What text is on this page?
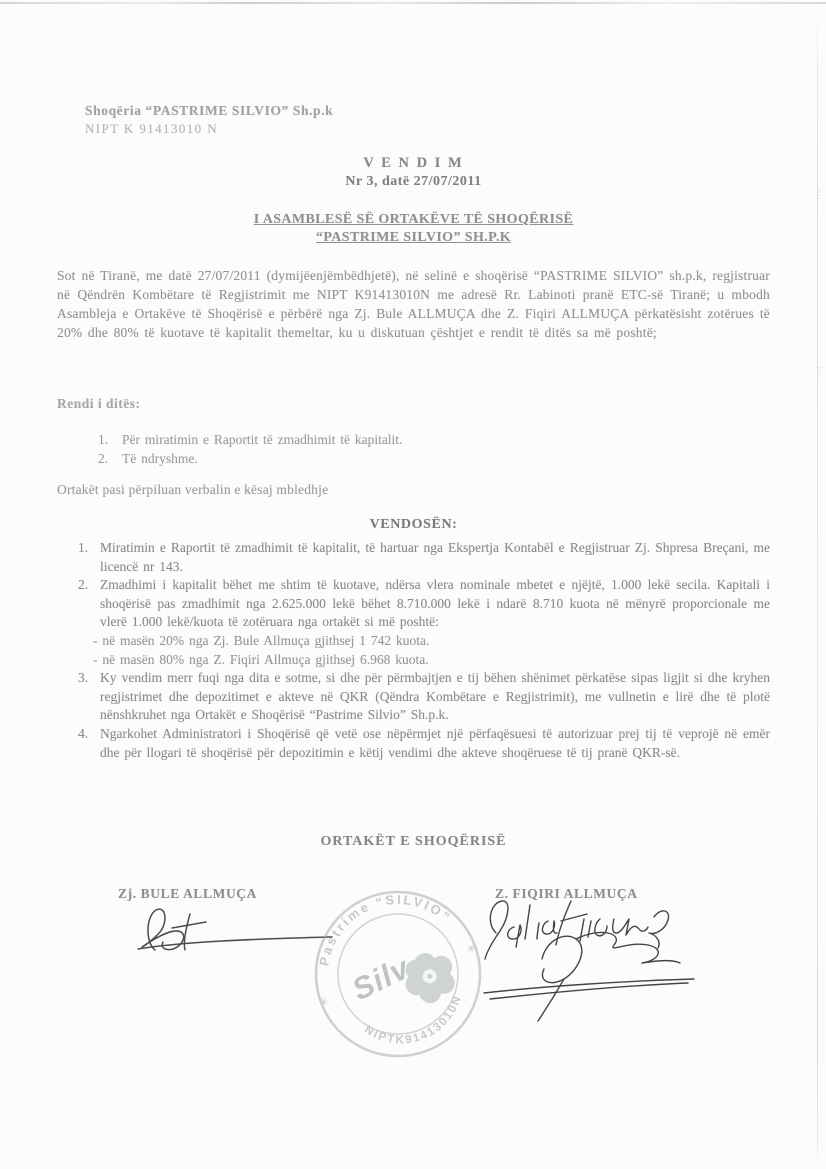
~·;
:·~
Shoqëria “PASTRIME SILVIO” Sh.p.k
NIPT K 91413010 N
V E N D I M
Nr 3, datë 27/07/2011
I ASAMBLESË SË ORTAKËVE TË SHOQËRISË
“PASTRIME SILVIO” SH.P.K
Sot në Tiranë, me datë 27/07/2011 (dymijëenjëmbëdhjetë), në selinë e shoqërisë “PASTRIME SILVIO” sh.p.k, regjistruar në Qëndrën Kombëtare të Regjistrimit me NIPT K91413010N me adresë Rr. Labinoti pranë ETC-së Tiranë; u mbodh Asambleja e Ortakëve të Shoqërisë e përbërë nga Zj. Bule ALLMUÇA dhe Z. Fiqiri ALLMUÇA përkatësisht zotërues të 20% dhe 80% të kuotave të kapitalit themeltar, ku u diskutuan çështjet e rendit të ditës sa më poshtë;
Rendi i ditës:
1.	Për miratimin e Raportit të zmadhimit të kapitalit.
2.	Të ndryshme.
Ortakët pasi përpiluan verbalin e kësaj mbledhje
VENDOSËN:
1. Miratimin e Raportit të zmadhimit të kapitalit, të hartuar nga Ekspertja Kontabël e Regjistruar Zj. Shpresa Breçani, me licencë nr 143.
2. Zmadhimi i kapitalit bëhet me shtim të kuotave, ndërsa vlera nominale mbetet e njëjtë, 1.000 lekë secila. Kapitali i shoqërisë pas zmadhimit nga 2.625.000 lekë bëhet 8.710.000 lekë i ndarë 8.710 kuota në mënyrë proporcionale me vlerë 1.000 lekë/kuota të zotëruara nga ortakët si më poshtë:
- në masën 20% nga Zj. Bule Allmuça gjithsej 1 742 kuota.
- në masën 80% nga Z. Fiqiri Allmuça gjithsej 6.968 kuota.
3. Ky vendim merr fuqi nga dita e sotme, si dhe për përmbajtjen e tij bëhen shënimet përkatëse sipas ligjit si dhe kryhen regjistrimet dhe depozitimet e akteve në QKR (Qëndra Kombëtare e Regjistrimit), me vullnetin e lirë dhe të plotë nënshkruhet nga Ortakët e Shoqërisë “Pastrime Silvio” Sh.p.k.
4. Ngarkohet Administratori i Shoqërisë që vetë ose nëpërmjet një përfaqësuesi të autorizuar prej tij të veprojë në emër dhe për llogari të shoqërisë për depozitimin e këtij vendimi dhe akteve shoqëruese të tij pranë QKR-së.
ORTAKËT E SHOQËRISË
Zj. BULE ALLMUÇA	Z. FIQIRI ALLMUÇA
Pastrime “SILVIO”
NIPTK91413010N
✳
✳
Silv
